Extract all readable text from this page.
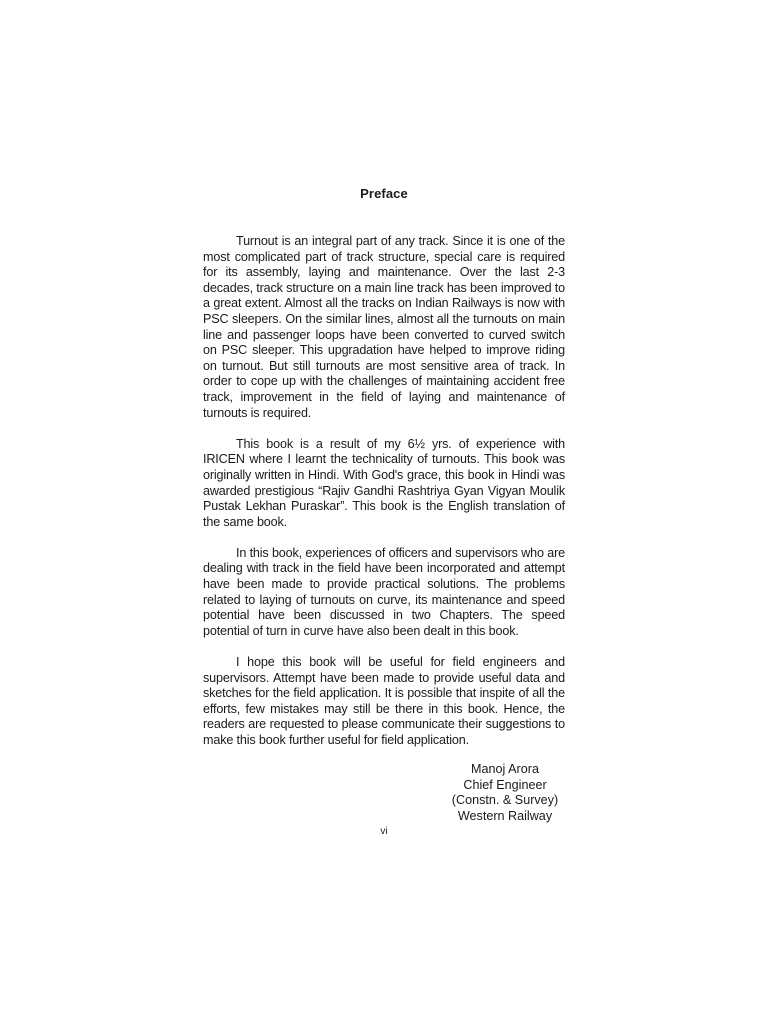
Preface

Turnout is an integral part of any track. Since it is one of the most complicated part of track structure, special care is required for its assembly, laying and maintenance. Over the last 2-3 decades, track structure on a main line track has been improved to a great extent. Almost all the tracks on Indian Railways is now with PSC sleepers. On the similar lines, almost all the turnouts on main line and passenger loops have been converted to curved switch on PSC sleeper. This upgradation have helped to improve riding on turnout. But still turnouts are most sensitive area of track. In order to cope up with the challenges of maintaining accident free track, improvement in the field of laying and maintenance of turnouts is required.

This book is a result of my 6½ yrs. of experience with IRICEN where I learnt the technicality of turnouts. This book was originally written in Hindi. With God's grace, this book in Hindi was awarded prestigious “Rajiv Gandhi Rashtriya Gyan Vigyan Moulik Pustak Lekhan Puraskar”. This book is the English translation of the same book.

In this book, experiences of officers and supervisors who are dealing with track in the field have been incorporated and attempt have been made to provide practical solutions. The problems related to laying of turnouts on curve, its maintenance and speed potential have been discussed in two Chapters. The speed potential of turn in curve have also been dealt in this book.

I hope this book will be useful for field engineers and supervisors. Attempt have been made to provide useful data and sketches for the field application. It is possible that inspite of all the efforts, few mistakes may still be there in this book. Hence, the readers are requested to please communicate their suggestions to make this book further useful for field application.

Manoj Arora
Chief Engineer
(Constn. & Survey)
Western Railway
vi
